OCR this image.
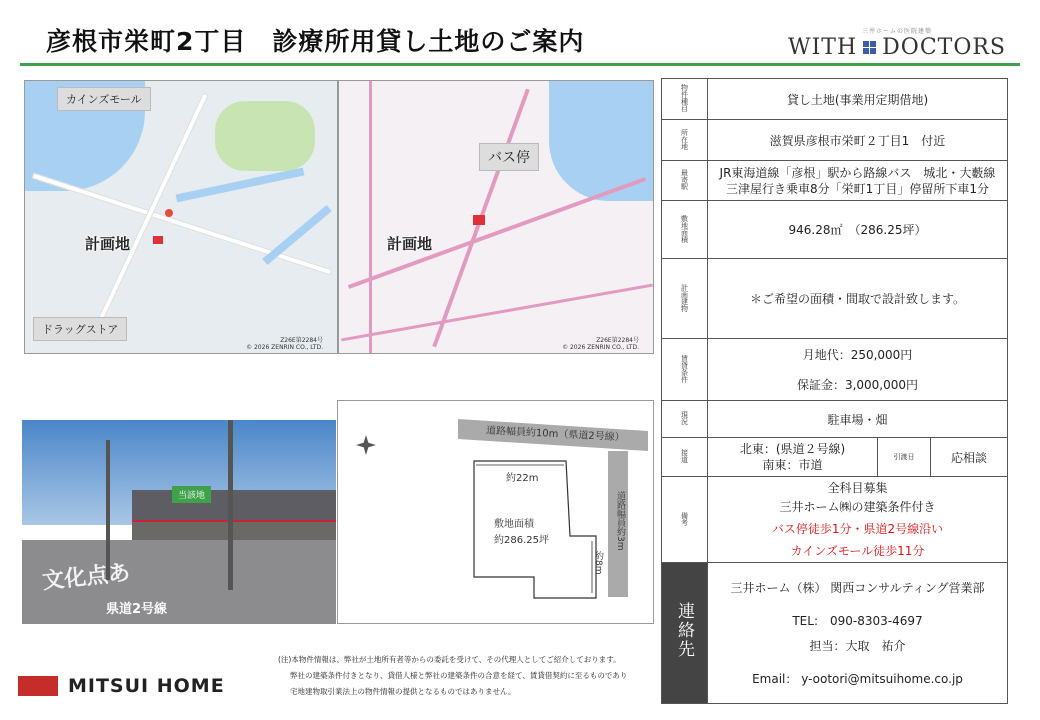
彦根市栄町2丁目　診療所用貸し土地のご案内	三井ホームの医院建築
WITH DOCTORS
カインズモール
ドラッグストア
計画地
Z26E第2284号
© 2026 ZENRIN CO., LTD.
バス停
計画地
Z26E第2284号
© 2026 ZENRIN CO., LTD.
当該地
県道2号線
文化点あ
道路幅員約10m（県道2号線）
道路幅員約3m
約22m
敷地面積
約286.25坪
約8m
(注)本物件情報は、弊社が土地所有者等からの委託を受けて、その代理人としてご紹介しております。
弊社の建築条件付きとなり、貸借人様と弊社の建築条件の合意を経て、賃貸借契約に至るものであり
宅地建物取引業法上の物件情報の提供となるものではありません。
MITSUI HOME
物件種目	貸し土地(事業用定期借地)		
所在地	滋賀県彦根市栄町２丁目1　付近		
最寄駅	JR東海道線「彦根」駅から路線バス　城北・大藪線
三津屋行き乗車8分「栄町1丁目」停留所下車1分		

敷地面積	946.28㎡　（286.25坪）		
計画建物	＊ご希望の面積・間取で設計致します。		
賃貸条件	月地代：250,000円
保証金：3,000,000円		

現況	駐車場・畑		
接道	北東：(県道２号線)
南東：市道	引渡日	応相談
備考	全科目募集
三井ホーム㈱の建築条件付き
バス停徒歩1分・県道2号線沿い
カインズモール徒歩11分		

連絡先	三井ホーム（株） 関西コンサルティング営業部
TEL:　090-8303-4697
担当：大取　祐介
Email： y-ootori@mitsuihome.co.jp		
